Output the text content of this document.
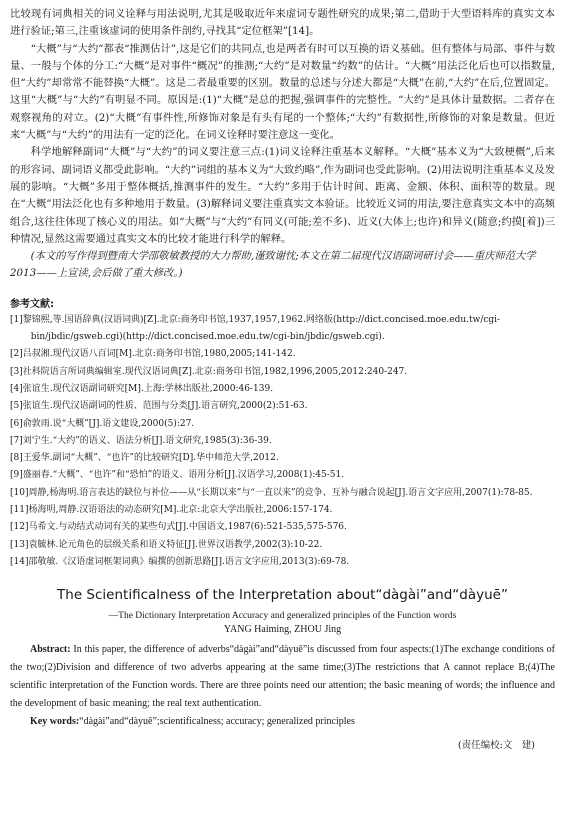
比较现有词典相关的词义诠释与用法说明,尤其是吸取近年来虚词专题性研究的成果;第二,借助于大型语料库的真实文本进行验证;第三,注重该虚词的使用条件剖约,寻找其“定位框架”[14]。

“大概”与“大约”都表“推测估计”,这是它们的共同点,也是两者有时可以互换的语义基础。但有整体与局部、事件与数量、一般与个体的分工:“大概”是对事件“概况”的推测;“大约”是对数量“约数”的估计。“大概”用法泛化后也可以指数量,但“大约”却常常不能替换“大概”。这是二者最重要的区别。数量的总述与分述大都是“大概”在前,“大约”在后,位置固定。这里“大概”与“大约”有明显不同。原因是:(1)“大概”是总的把握,强调事件的完整性。“大约”是具体计量数据。二者存在观察视角的对立。(2)“大概”有事件性,所修饰对象是有头有尾的一个整体;“大约”有数据性,所修饰的对象是数量。但近来“大概”与“大约”的用法有一定的泛化。在词义诠释时要注意这一变化。

科学地解释副词“大概”与“大约”的词义要注意三点:(1)词义诠释注重基本义解释。“大概”基本义为“大致梗概”,后来的形容词、副词语义都受此影响。“大约”词组的基本义为“大致约略”,作为副词也受此影响。(2)用法说明注重基本义及发展的影响。“大概”多用于整体概括,推测事件的发生。“大约”多用于估计时间、距离、金额、体积、面积等的数量。现在“大概”用法泛化也有多种地用于数量。(3)解释词义要注重真实文本验证。比较近义词的用法,要注意真实文本中的高频组合,这往往体现了核心义的用法。如“大概”与“大约”有同义(可能;差不多)、近义(大体上;也许)和异义(随意;约摸[着])三种情况,显然这需要通过真实文本的比较才能进行科学的解释。

(本文的写作得到暨南大学邵敬敏教授的大力帮助,谨致谢忱;本文在第二届现代汉语副词研讨会——重庆师范大学2013——上宣读,会后做了重大修改。)

参考文献:
[1]黎锦熙,等.国语辞典(汉语词典)[Z].北京:商务印书馆,1937,1957,1962.网络版(http://dict.concised.moe.edu.tw/cgi-bin/jbdic/gsweb.cgi)(http://dict.concised.moe.edu.tw/cgi-bin/jbdic/gsweb.cgi).
[2]吕叔湘.现代汉语八百词[M].北京:商务印书馆,1980,2005;141-142.
[3]社科院语言所词典编辑室.现代汉语词典[Z].北京:商务印书馆,1982,1996,2005,2012:240-247.
[4]张谊生.现代汉语副词研究[M].上海:学林出版社,2000:46-139.
[5]张谊生.现代汉语副词的性质、范围与分类[J].语言研究,2000(2):51-63.
[6]俞敦雨.说“大概”[J].语文建设,2000(5):27.
[7]刘宁生.“大约”的语义、语法分析[J].语文研究,1985(3):36-39.
[8]王爱华.副词“大概”、“也许”的比较研究[D].华中师范大学,2012.
[9]盛丽春.“大概”、“也许”和“恐怕”的语义、语用分析[J].汉语学习,2008(1):45-51.
[10]周静,杨海明.语言表达的缺位与补位——从“长期以来”与“一直以来”的竞争、互补与融合说起[J].语言文字应用,2007(1):78-85.
[11]杨海明,周静.汉语语法的动态研究[M].北京:北京大学出版社,2006:157-174.
[12]马希文.与动结式动词有关的某些句式[J].中国语文,1987(6):521-535,575-576.
[13]袁毓林.论元角色的层级关系和语义特征[J].世界汉语教学,2002(3):10-22.
[14]邵敬敏.《汉语虚词框架词典》编撰的创新思路[J].语言文字应用,2013(3):69-78.
The Scientificalness of the Interpretation about“dàgài”and“dàyuē”
—The Dictionary Interpretation Accuracy and generalized principles of the Function words
YANG Haiming, ZHOU Jing

Abstract: In this paper, the difference of adverbs“dàgài”and“dàyuē”is discussed from four aspects:(1)The exchange conditions of the two;(2)Division and difference of two adverbs appearing at the same time;(3)The restrictions that A cannot replace B;(4)The scientific interpretation of the Function words. There are three points need our attention; the basic meaning of words; the influence and the development of basic meaning; the real text authentication.

Key words:“dàgài”and“dàyuē”;scientificalness; accuracy; generalized principles

(责任编校:文　建)
